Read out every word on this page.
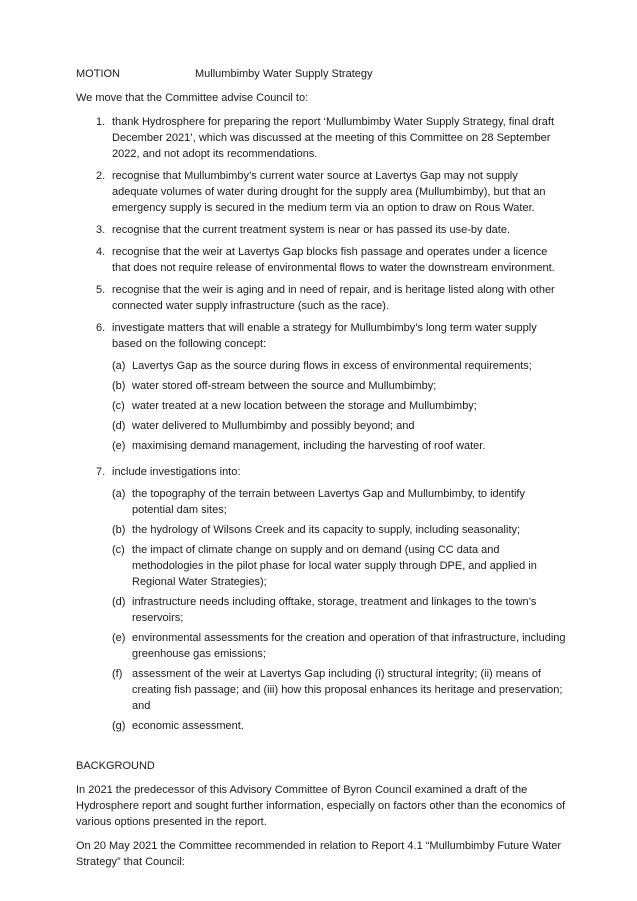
MOTION	Mullumbimby Water Supply Strategy

We move that the Committee advise Council to:

1. thank Hydrosphere for preparing the report ‘Mullumbimby Water Supply Strategy, final draft December 2021’, which was discussed at the meeting of this Committee on 28 September 2022, and not adopt its recommendations.
2. recognise that Mullumbimby’s current water source at Lavertys Gap may not supply adequate volumes of water during drought for the supply area (Mullumbimby), but that an emergency supply is secured in the medium term via an option to draw on Rous Water.
3. recognise that the current treatment system is near or has passed its use-by date.
4. recognise that the weir at Lavertys Gap blocks fish passage and operates under a licence that does not require release of environmental flows to water the downstream environment.
5. recognise that the weir is aging and in need of repair, and is heritage listed along with other connected water supply infrastructure (such as the race).
6. investigate matters that will enable a strategy for Mullumbimby’s long term water supply based on the following concept:
(a) Lavertys Gap as the source during flows in excess of environmental requirements;
(b) water stored off-stream between the source and Mullumbimby;
(c) water treated at a new location between the storage and Mullumbimby;
(d) water delivered to Mullumbimby and possibly beyond; and
(e) maximising demand management, including the harvesting of roof water.
7. include investigations into:
(a) the topography of the terrain between Lavertys Gap and Mullumbimby, to identify potential dam sites;
(b) the hydrology of Wilsons Creek and its capacity to supply, including seasonality;
(c) the impact of climate change on supply and on demand (using CC data and methodologies in the pilot phase for local water supply through DPE, and applied in Regional Water Strategies);
(d) infrastructure needs including offtake, storage, treatment and linkages to the town’s reservoirs;
(e) environmental assessments for the creation and operation of that infrastructure, including greenhouse gas emissions;
(f) assessment of the weir at Lavertys Gap including (i) structural integrity; (ii) means of creating fish passage; and (iii) how this proposal enhances its heritage and preservation; and
(g) economic assessment.
BACKGROUND

In 2021 the predecessor of this Advisory Committee of Byron Council examined a draft of the Hydrosphere report and sought further information, especially on factors other than the economics of various options presented in the report.

On 20 May 2021 the Committee recommended in relation to Report 4.1 “Mullumbimby Future Water Strategy” that Council:
